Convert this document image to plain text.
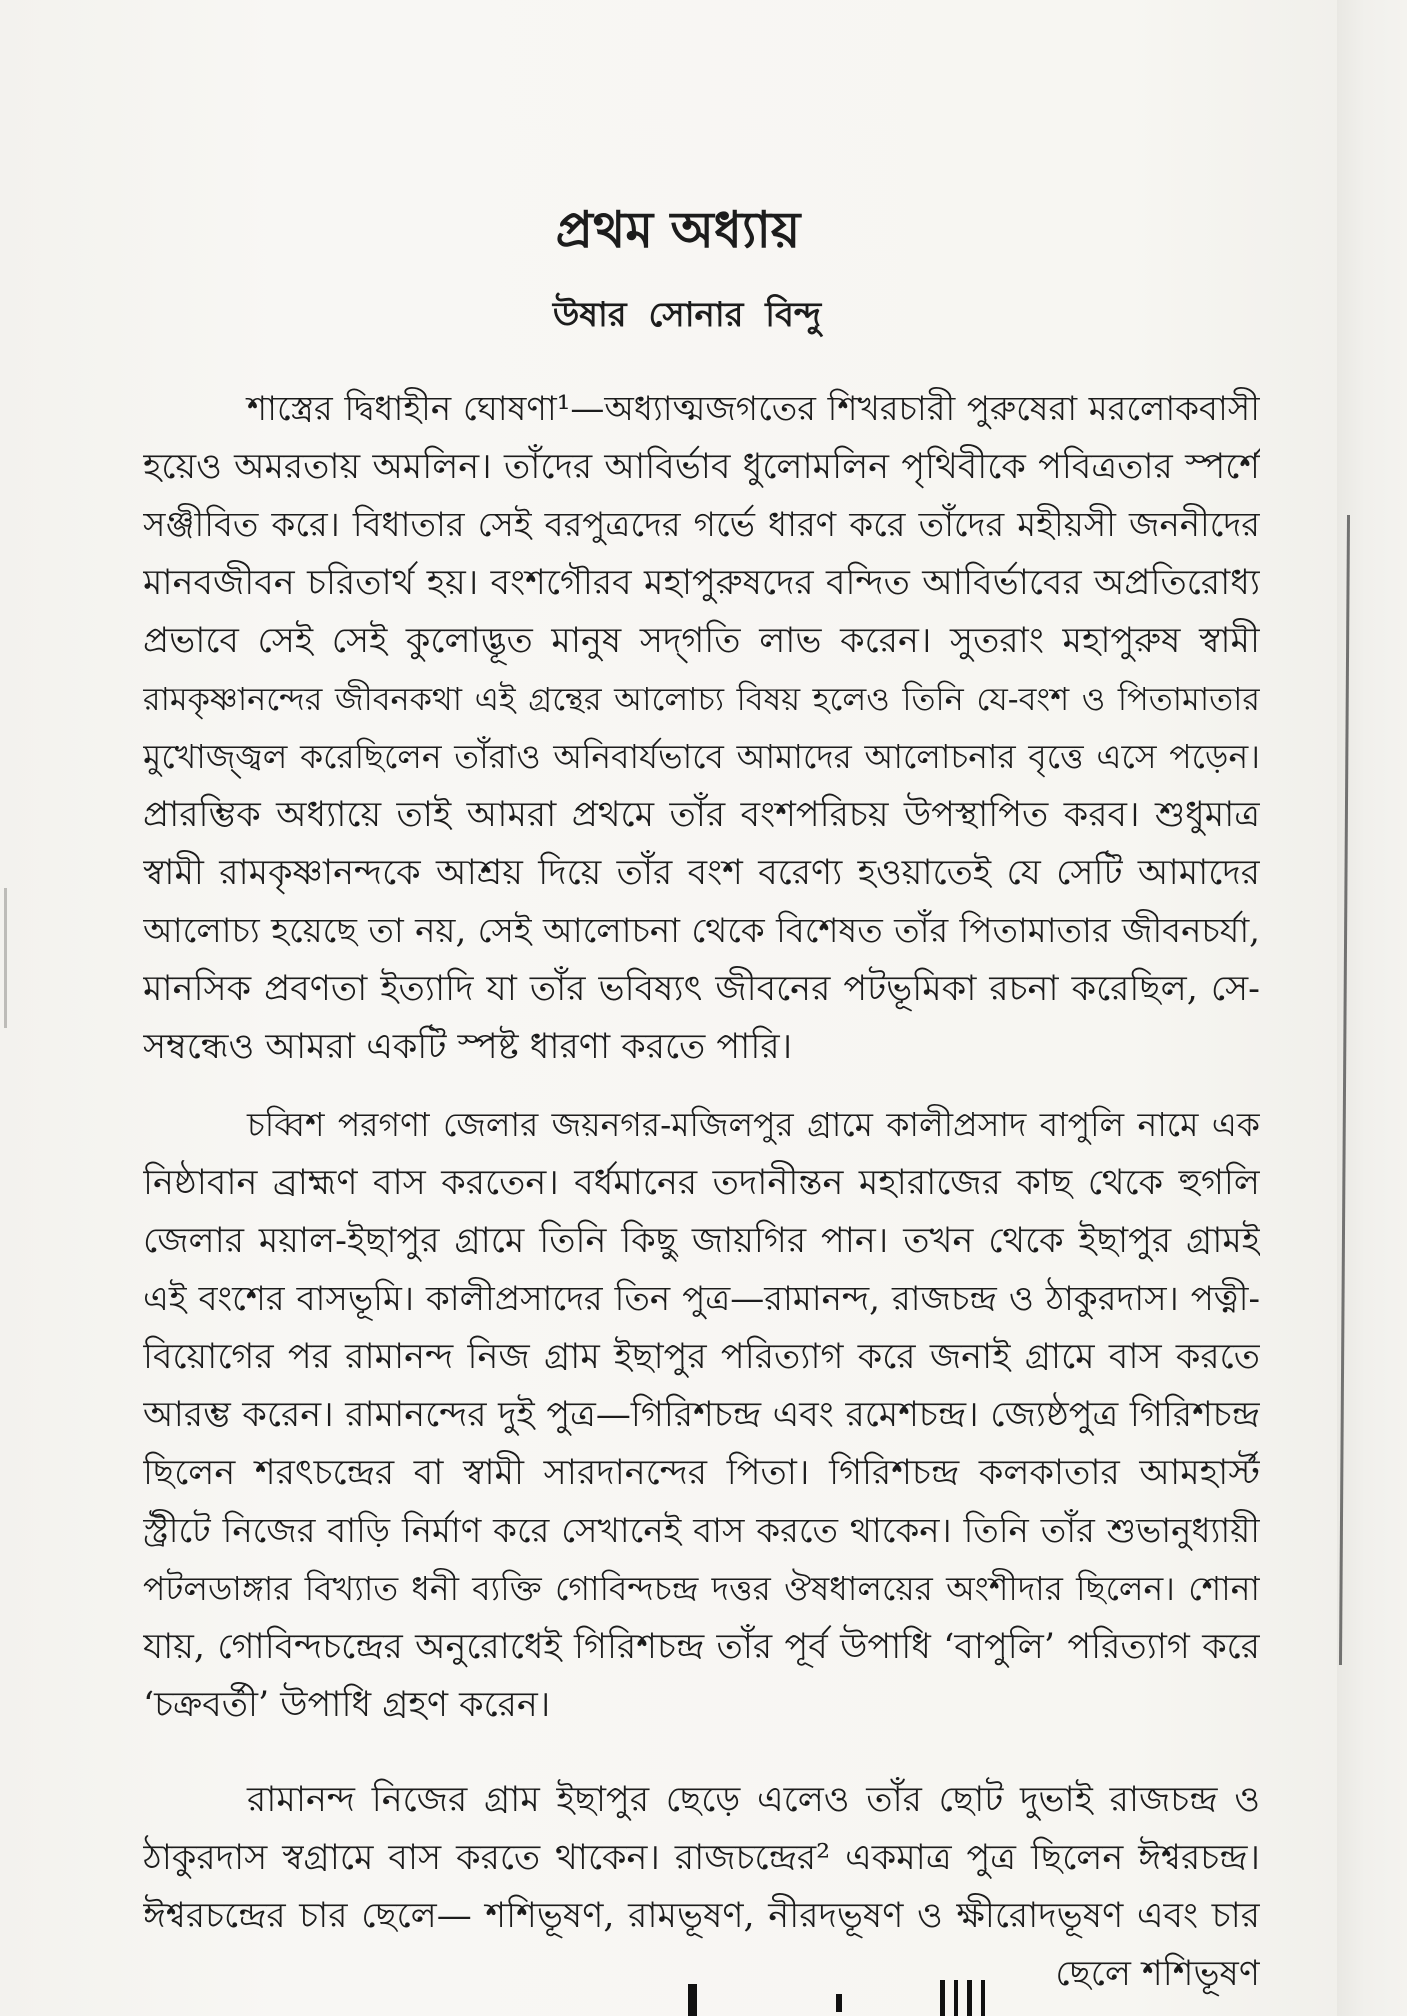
প্রথম অধ্যায়
উষার সোনার বিন্দু
শাস্ত্রের দ্বিধাহীন ঘোষণা¹—অধ্যাত্মজগতের শিখরচারী পুরুষেরা মরলোকবাসী
হয়েও অমরতায় অমলিন। তাঁদের আবির্ভাব ধুলোমলিন পৃথিবীকে পবিত্রতার স্পর্শে
সঞ্জীবিত করে। বিধাতার সেই বরপুত্রদের গর্ভে ধারণ করে তাঁদের মহীয়সী জননীদের
মানবজীবন চরিতার্থ হয়। বংশগৌরব মহাপুরুষদের বন্দিত আবির্ভাবের অপ্রতিরোধ্য
প্রভাবে সেই সেই কুলোদ্ভূত মানুষ সদ্‌গতি লাভ করেন। সুতরাং মহাপুরুষ স্বামী
রামকৃষ্ণানন্দের জীবনকথা এই গ্রন্থের আলোচ্য বিষয় হলেও তিনি যে-বংশ ও পিতামাতার
মুখোজ্জ্বল করেছিলেন তাঁরাও অনিবার্যভাবে আমাদের আলোচনার বৃত্তে এসে পড়েন।
প্রারম্ভিক অধ্যায়ে তাই আমরা প্রথমে তাঁর বংশপরিচয় উপস্থাপিত করব। শুধুমাত্র
স্বামী রামকৃষ্ণানন্দকে আশ্রয় দিয়ে তাঁর বংশ বরেণ্য হওয়াতেই যে সেটি আমাদের
আলোচ্য হয়েছে তা নয়, সেই আলোচনা থেকে বিশেষত তাঁর পিতামাতার জীবনচর্যা,
মানসিক প্রবণতা ইত্যাদি যা তাঁর ভবিষ্যৎ জীবনের পটভূমিকা রচনা করেছিল, সে-
সম্বন্ধেও আমরা একটি স্পষ্ট ধারণা করতে পারি।
চব্বিশ পরগণা জেলার জয়নগর-মজিলপুর গ্রামে কালীপ্রসাদ বাপুলি নামে এক
নিষ্ঠাবান ব্রাহ্মণ বাস করতেন। বর্ধমানের তদানীন্তন মহারাজের কাছ থেকে হুগলি
জেলার ময়াল-ইছাপুর গ্রামে তিনি কিছু জায়গির পান। তখন থেকে ইছাপুর গ্রামই
এই বংশের বাসভূমি। কালীপ্রসাদের তিন পুত্র—রামানন্দ, রাজচন্দ্র ও ঠাকুরদাস। পত্নী-
বিয়োগের পর রামানন্দ নিজ গ্রাম ইছাপুর পরিত্যাগ করে জনাই গ্রামে বাস করতে
আরম্ভ করেন। রামানন্দের দুই পুত্র—গিরিশচন্দ্র এবং রমেশচন্দ্র। জ্যেষ্ঠপুত্র গিরিশচন্দ্র
ছিলেন শরৎচন্দ্রের বা স্বামী সারদানন্দের পিতা। গিরিশচন্দ্র কলকাতার আমহার্স্ট
স্ট্রীটে নিজের বাড়ি নির্মাণ করে সেখানেই বাস করতে থাকেন। তিনি তাঁর শুভানুধ্যায়ী
পটলডাঙ্গার বিখ্যাত ধনী ব্যক্তি গোবিন্দচন্দ্র দত্তর ঔষধালয়ের অংশীদার ছিলেন। শোনা
যায়, গোবিন্দচন্দ্রের অনুরোধেই গিরিশচন্দ্র তাঁর পূর্ব উপাধি ‘বাপুলি’ পরিত্যাগ করে
‘চক্রবর্তী’ উপাধি গ্রহণ করেন।
রামানন্দ নিজের গ্রাম ইছাপুর ছেড়ে এলেও তাঁর ছোট দুভাই রাজচন্দ্র ও
ঠাকুরদাস স্বগ্রামে বাস করতে থাকেন। রাজচন্দ্রের² একমাত্র পুত্র ছিলেন ঈশ্বরচন্দ্র।
ঈশ্বরচন্দ্রের চার ছেলে— শশিভূষণ, রামভূষণ, নীরদভূষণ ও ক্ষীরোদভূষণ এবং চার
ছেলে শশিভূষণ
